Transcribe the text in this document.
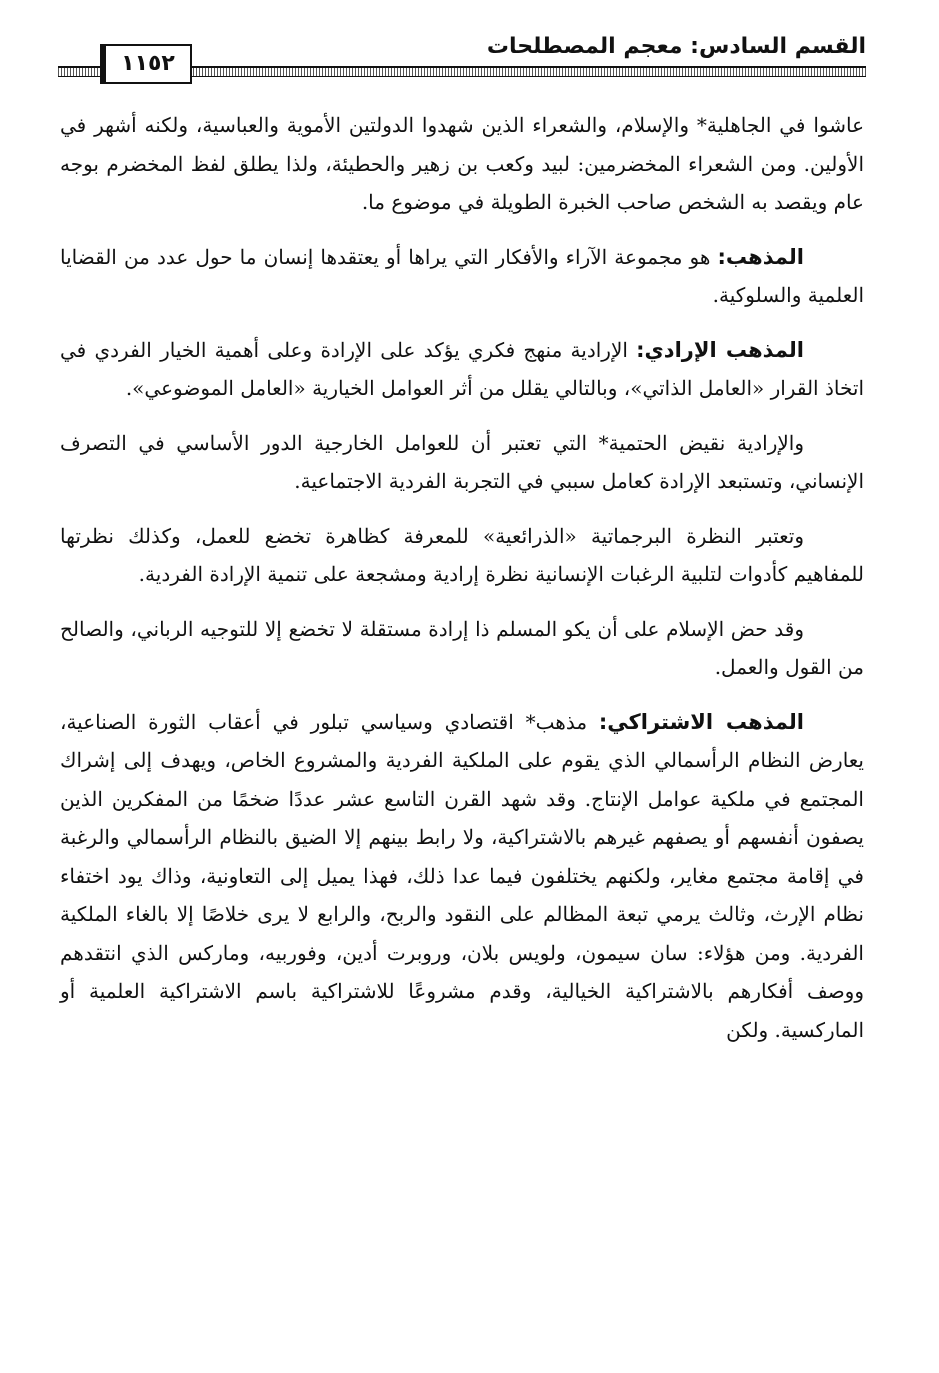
القسم السادس: معجم المصطلحات
١١٥٢

عاشوا في الجاهلية* والإسلام، والشعراء الذين شهدوا الدولتين الأموية والعباسية، ولكنه أشهر في الأولين. ومن الشعراء المخضرمين: لبيد وكعب بن زهير والحطيئة، ولذا يطلق لفظ المخضرم بوجه عام ويقصد به الشخص صاحب الخبرة الطويلة في موضوع ما.

المذهب: هو مجموعة الآراء والأفكار التي يراها أو يعتقدها إنسان ما حول عدد من القضايا العلمية والسلوكية.

المذهب الإرادي: الإرادية منهج فكري يؤكد على الإرادة وعلى أهمية الخيار الفردي في اتخاذ القرار «العامل الذاتي»، وبالتالي يقلل من أثر العوامل الخيارية «العامل الموضوعي».

والإرادية نقيض الحتمية* التي تعتبر أن للعوامل الخارجية الدور الأساسي في التصرف الإنساني، وتستبعد الإرادة كعامل سببي في التجربة الفردية الاجتماعية.

وتعتبر النظرة البرجماتية «الذرائعية» للمعرفة كظاهرة تخضع للعمل، وكذلك نظرتها للمفاهيم كأدوات لتلبية الرغبات الإنسانية نظرة إرادية ومشجعة على تنمية الإرادة الفردية.

وقد حض الإسلام على أن يكو المسلم ذا إرادة مستقلة لا تخضع إلا للتوجيه الرباني، والصالح من القول والعمل.

المذهب الاشتراكي: مذهب* اقتصادي وسياسي تبلور في أعقاب الثورة الصناعية، يعارض النظام الرأسمالي الذي يقوم على الملكية الفردية والمشروع الخاص، ويهدف إلى إشراك المجتمع في ملكية عوامل الإنتاج. وقد شهد القرن التاسع عشر عددًا ضخمًا من المفكرين الذين يصفون أنفسهم أو يصفهم غيرهم بالاشتراكية، ولا رابط بينهم إلا الضيق بالنظام الرأسمالي والرغبة في إقامة مجتمع مغاير، ولكنهم يختلفون فيما عدا ذلك، فهذا يميل إلى التعاونية، وذاك يود اختفاء نظام الإرث، وثالث يرمي تبعة المظالم على النقود والربح، والرابع لا يرى خلاصًا إلا بالغاء الملكية الفردية. ومن هؤلاء: سان سيمون، ولويس بلان، وروبرت أدين، وفوربيه، وماركس الذي انتقدهم ووصف أفكارهم بالاشتراكية الخيالية، وقدم مشروعًا للاشتراكية باسم الاشتراكية العلمية أو الماركسية. ولكن
